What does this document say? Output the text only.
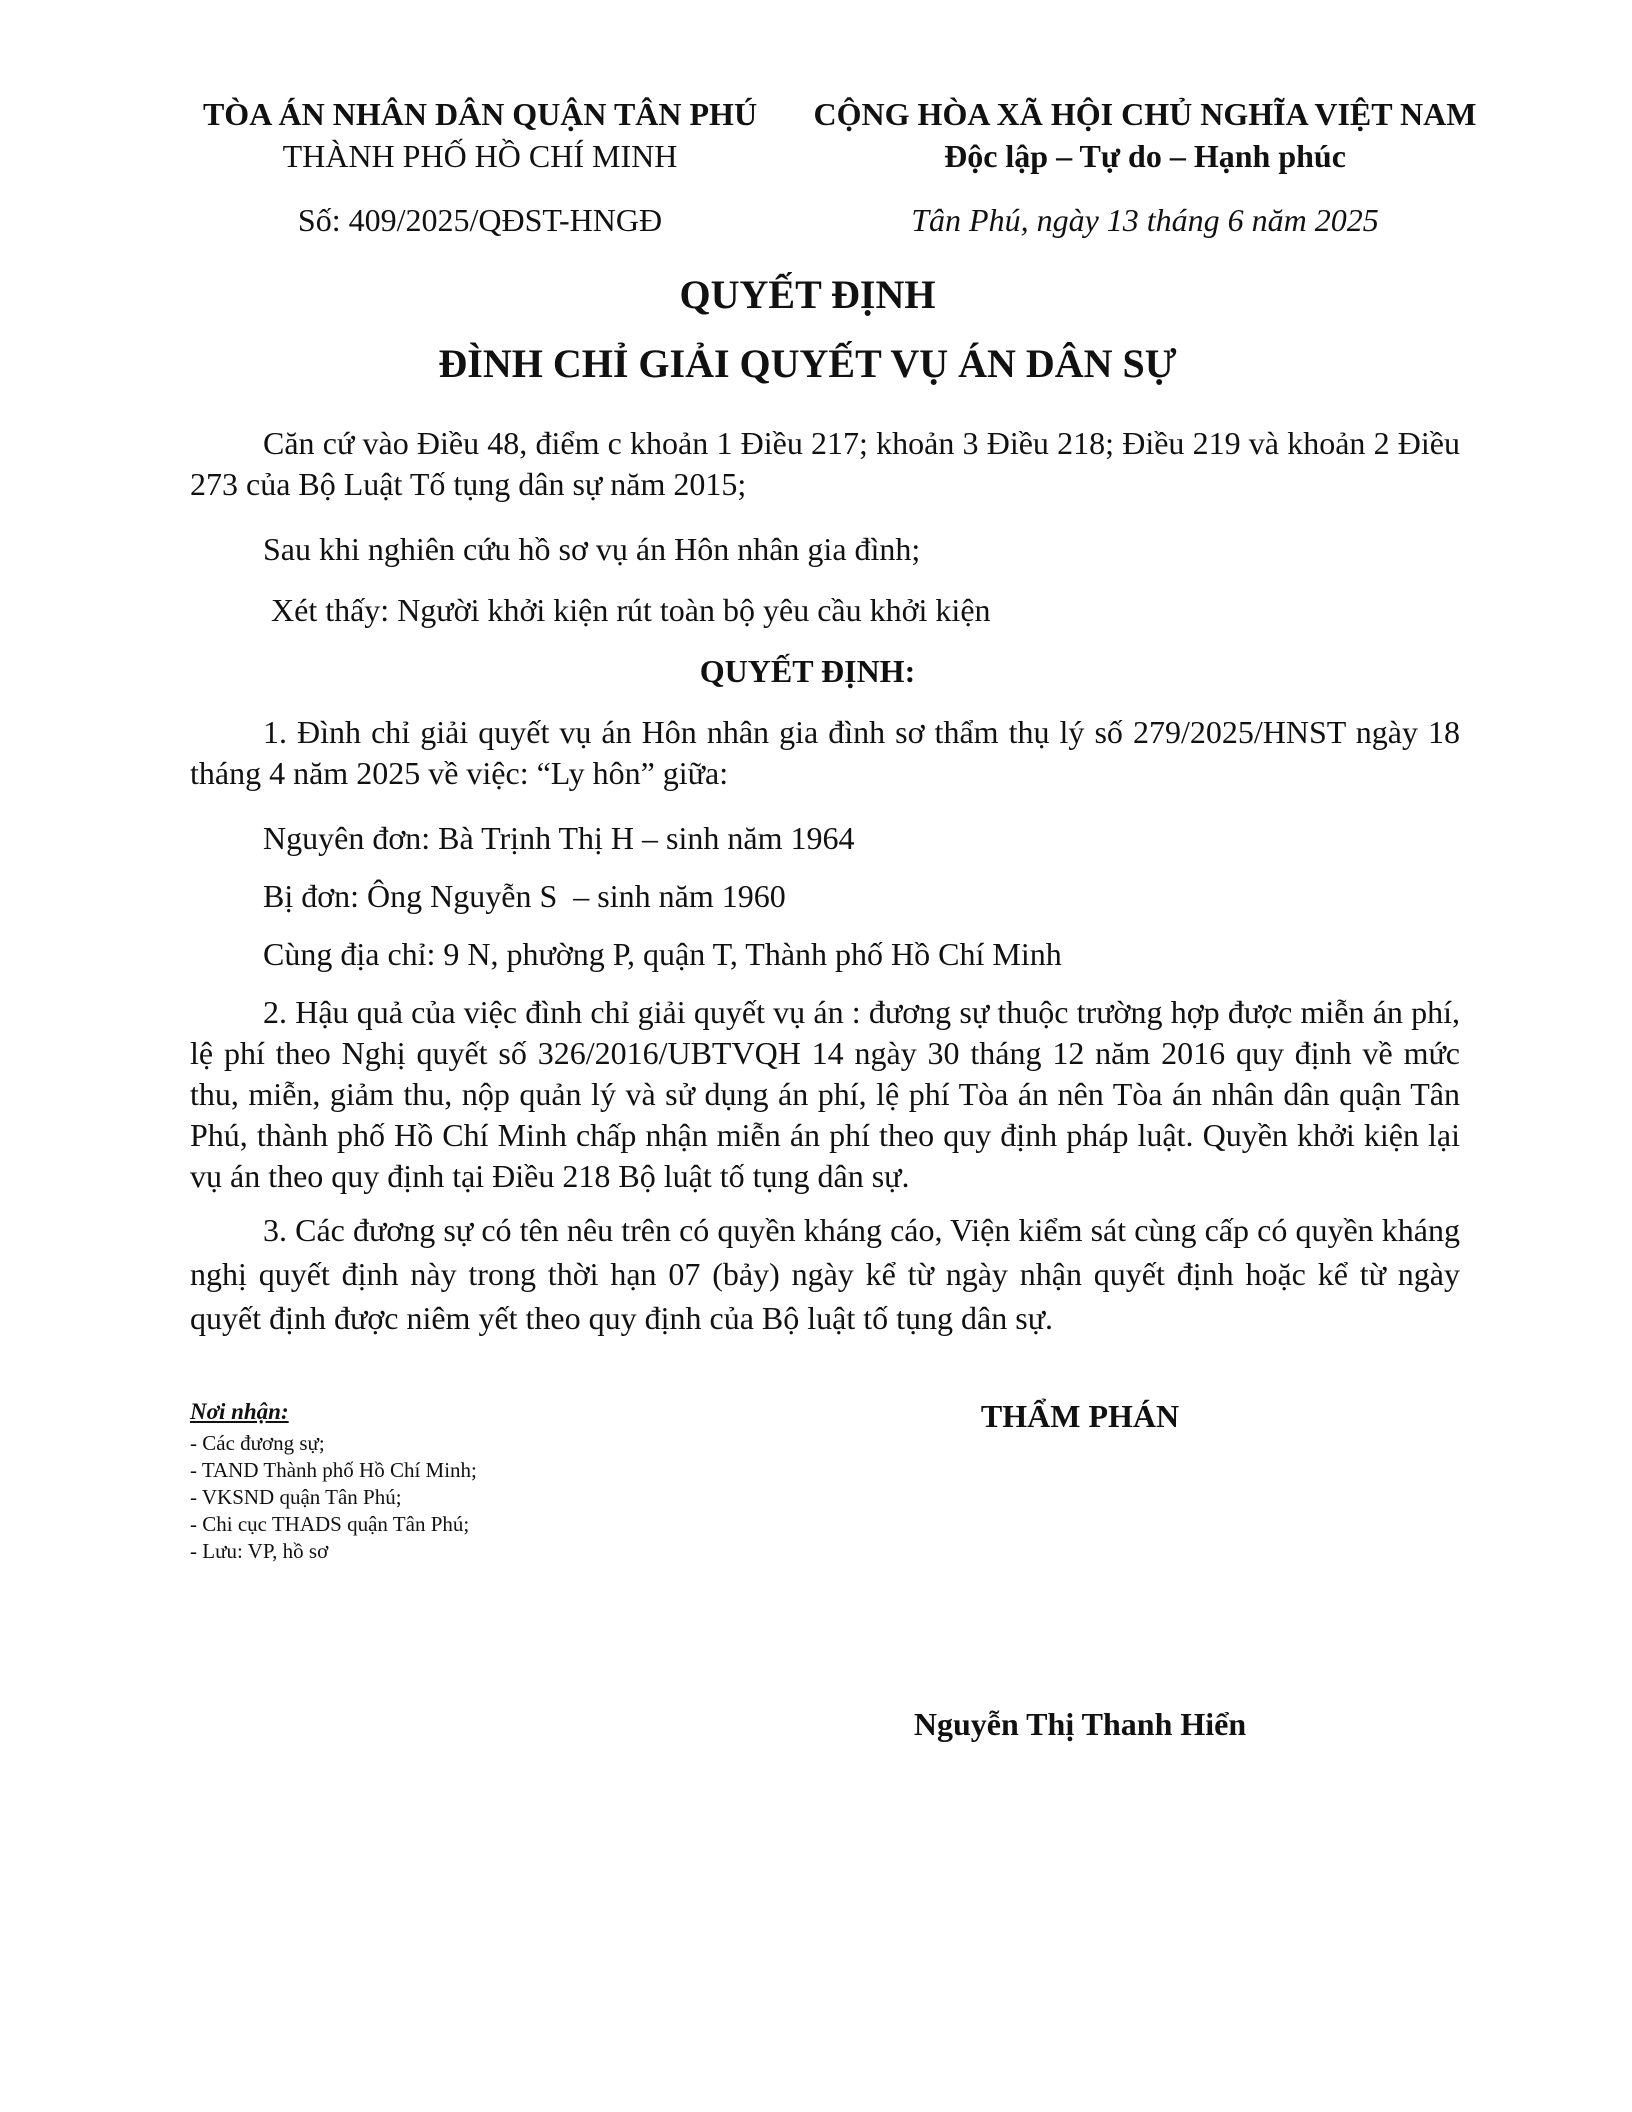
TÒA ÁN NHÂN DÂN QUẬN TÂN PHÚ
THÀNH PHỐ HỒ CHÍ MINH
Số: 409/2025/QĐST-HNGĐ
CỘNG HÒA XÃ HỘI CHỦ NGHĨA VIỆT NAM
Độc lập – Tự do – Hạnh phúc
Tân Phú, ngày 13 tháng 6 năm 2025
QUYẾT ĐỊNH
ĐÌNH CHỈ GIẢI QUYẾT VỤ ÁN DÂN SỰ

Căn cứ vào Điều 48, điểm c khoản 1 Điều 217; khoản 3 Điều 218; Điều 219 và khoản 2 Điều 273 của Bộ Luật Tố tụng dân sự năm 2015;

Sau khi nghiên cứu hồ sơ vụ án Hôn nhân gia đình;

Xét thấy: Người khởi kiện rút toàn bộ yêu cầu khởi kiện

QUYẾT ĐỊNH:

1. Đình chỉ giải quyết vụ án Hôn nhân gia đình sơ thẩm thụ lý số 279/2025/HNST ngày 18 tháng 4 năm 2025 về việc: “Ly hôn” giữa:

Nguyên đơn: Bà Trịnh Thị H – sinh năm 1964

Bị đơn: Ông Nguyễn S  – sinh năm 1960

Cùng địa chỉ: 9 N, phường P, quận T, Thành phố Hồ Chí Minh

2. Hậu quả của việc đình chỉ giải quyết vụ án : đương sự thuộc trường hợp được miễn án phí, lệ phí theo Nghị quyết số 326/2016/UBTVQH 14 ngày 30 tháng 12 năm 2016 quy định về mức thu, miễn, giảm thu, nộp quản lý và sử dụng án phí, lệ phí Tòa án nên Tòa án nhân dân quận Tân Phú, thành phố Hồ Chí Minh chấp nhận miễn án phí theo quy định pháp luật. Quyền khởi kiện lại vụ án theo quy định tại Điều 218 Bộ luật tố tụng dân sự.

3. Các đương sự có tên nêu trên có quyền kháng cáo, Viện kiểm sát cùng cấp có quyền kháng nghị quyết định này trong thời hạn 07 (bảy) ngày kể từ ngày nhận quyết định hoặc kể từ ngày quyết định được niêm yết theo quy định của Bộ luật tố tụng dân sự.

Nơi nhận:
- Các đương sự;
- TAND Thành phố Hồ Chí Minh;
- VKSND quận Tân Phú;
- Chi cục THADS quận Tân Phú;
- Lưu: VP, hồ sơ
THẨM PHÁN
Nguyễn Thị Thanh Hiển
